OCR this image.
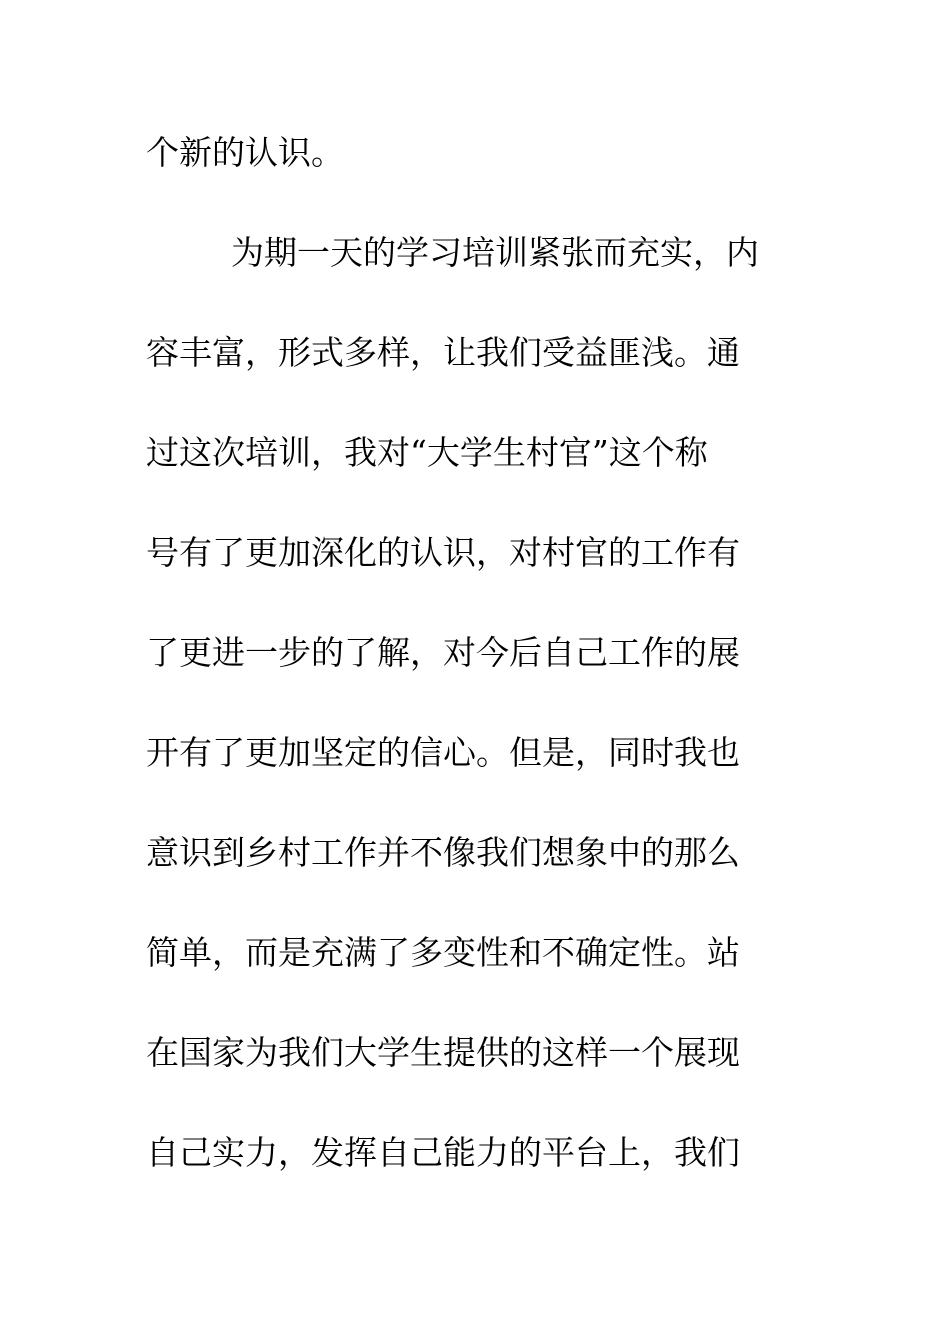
个新的认识。
为期一天的学习培训紧张而充实，内
容丰富，形式多样，让我们受益匪浅。通
过这次培训，我对“大学生村官”这个称
号有了更加深化的认识，对村官的工作有
了更进一步的了解，对今后自己工作的展
开有了更加坚定的信心。但是，同时我也
意识到乡村工作并不像我们想象中的那么
简单，而是充满了多变性和不确定性。站
在国家为我们大学生提供的这样一个展现
自己实力，发挥自己能力的平台上，我们
